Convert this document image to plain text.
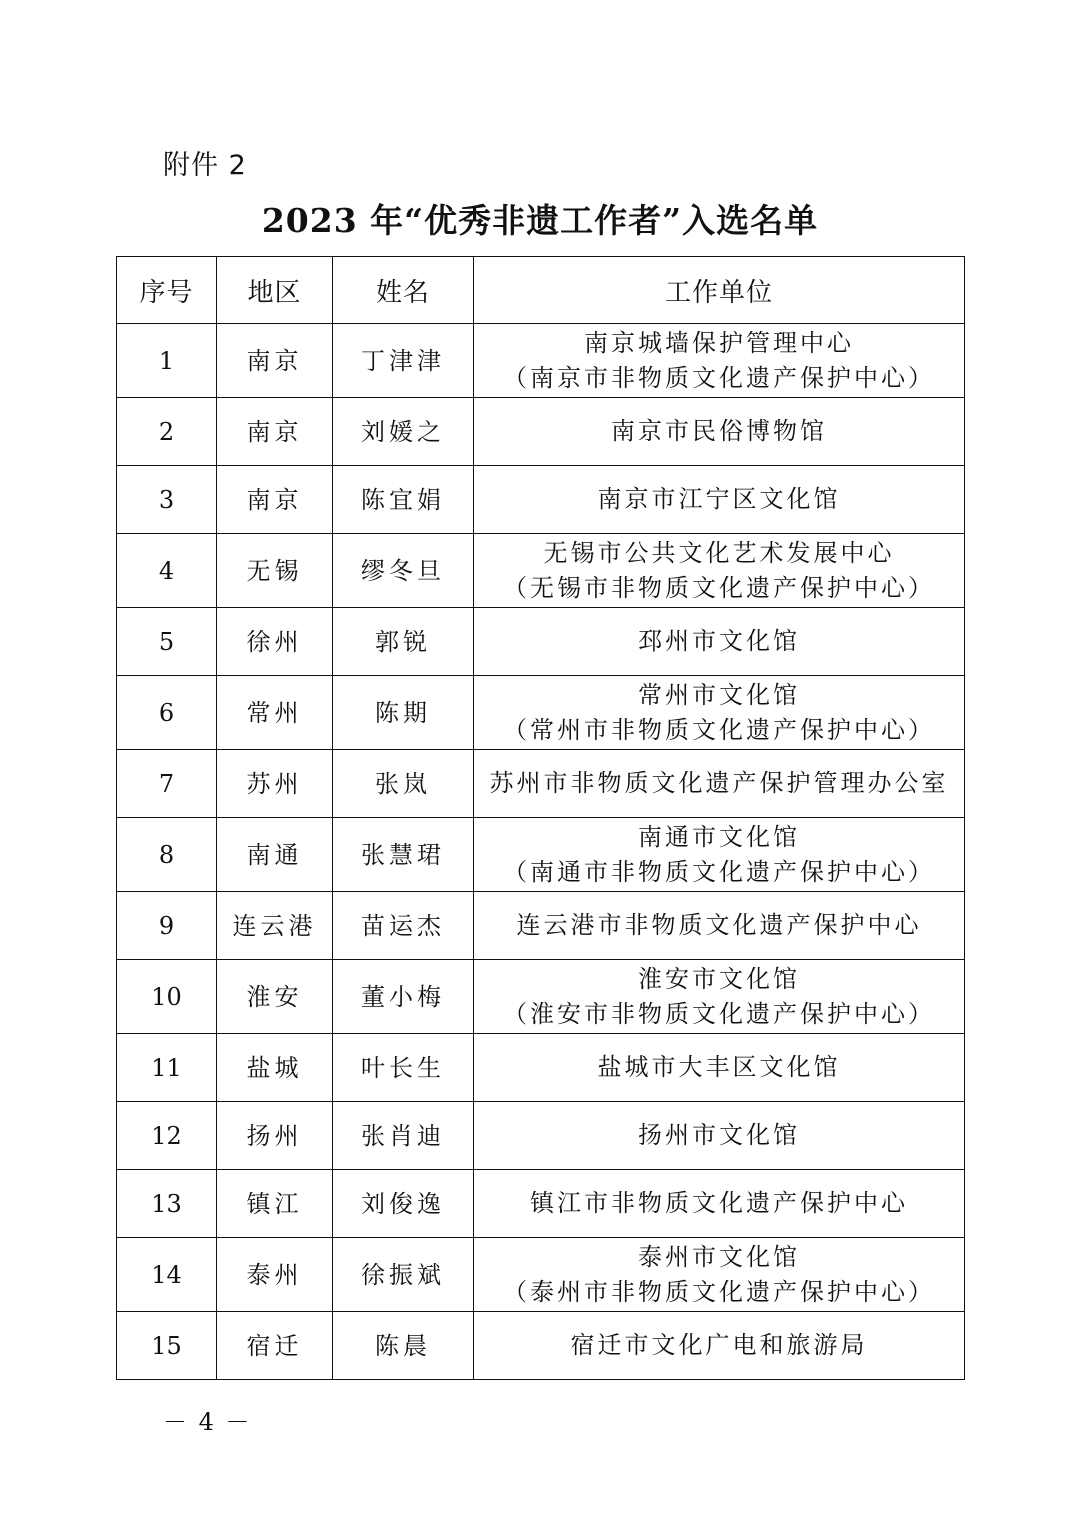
附件 2
2023 年“优秀非遗工作者”入选名单
序号	地区	姓名	工作单位
1	南京	丁津津	南京城墙保护管理中心
（南京市非物质文化遗产保护中心）

2	南京	刘媛之	南京市民俗博物馆

3	南京	陈宜娟	南京市江宁区文化馆

4	无锡	缪冬旦	无锡市公共文化艺术发展中心
（无锡市非物质文化遗产保护中心）

5	徐州	郭锐	邳州市文化馆

6	常州	陈期	常州市文化馆
（常州市非物质文化遗产保护中心）

7	苏州	张岚	苏州市非物质文化遗产保护管理办公室

8	南通	张慧珺	南通市文化馆
（南通市非物质文化遗产保护中心）

9	连云港	苗运杰	连云港市非物质文化遗产保护中心

10	淮安	董小梅	淮安市文化馆
（淮安市非物质文化遗产保护中心）

11	盐城	叶长生	盐城市大丰区文化馆

12	扬州	张肖迪	扬州市文化馆

13	镇江	刘俊逸	镇江市非物质文化遗产保护中心

14	泰州	徐振斌	泰州市文化馆
（泰州市非物质文化遗产保护中心）

15	宿迁	陈晨	宿迁市文化广电和旅游局
－ 4 －
